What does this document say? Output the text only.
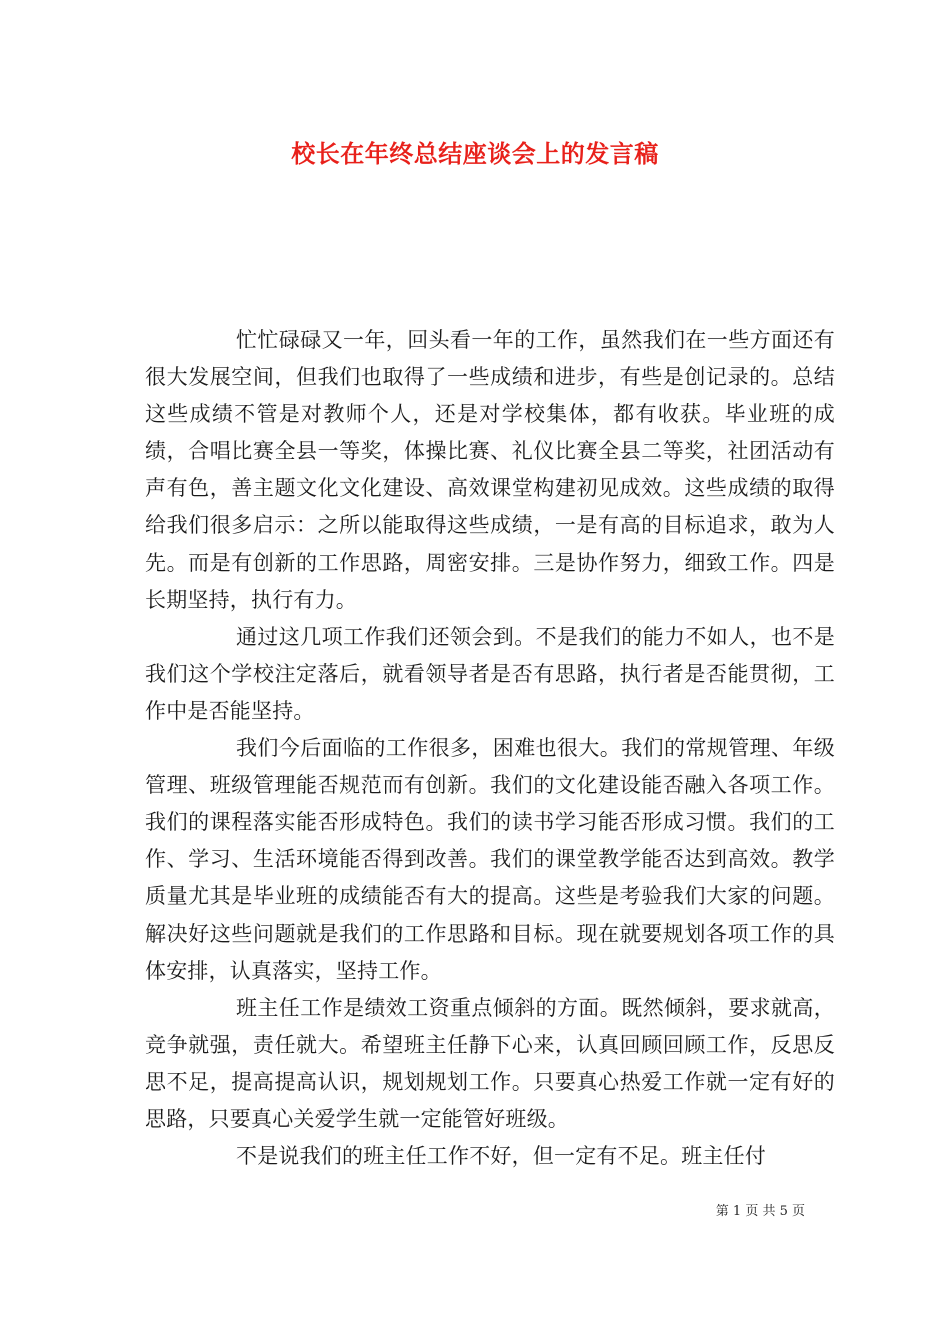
校长在年终总结座谈会上的发言稿

忙忙碌碌又一年，回头看一年的工作，虽然我们在一些方面还有很大发展空间，但我们也取得了一些成绩和进步，有些是创记录的。总结这些成绩不管是对教师个人，还是对学校集体，都有收获。毕业班的成绩，合唱比赛全县一等奖，体操比赛、礼仪比赛全县二等奖，社团活动有声有色，善主题文化文化建设、高效课堂构建初见成效。这些成绩的取得给我们很多启示：之所以能取得这些成绩，一是有高的目标追求，敢为人先。而是有创新的工作思路，周密安排。三是协作努力，细致工作。四是长期坚持，执行有力。

通过这几项工作我们还领会到。不是我们的能力不如人，也不是我们这个学校注定落后，就看领导者是否有思路，执行者是否能贯彻，工作中是否能坚持。

我们今后面临的工作很多，困难也很大。我们的常规管理、年级管理、班级管理能否规范而有创新。我们的文化建设能否融入各项工作。我们的课程落实能否形成特色。我们的读书学习能否形成习惯。我们的工作、学习、生活环境能否得到改善。我们的课堂教学能否达到高效。教学质量尤其是毕业班的成绩能否有大的提高。这些是考验我们大家的问题。解决好这些问题就是我们的工作思路和目标。现在就要规划各项工作的具体安排，认真落实，坚持工作。

班主任工作是绩效工资重点倾斜的方面。既然倾斜，要求就高，竞争就强，责任就大。希望班主任静下心来，认真回顾回顾工作，反思反思不足，提高提高认识，规划规划工作。只要真心热爱工作就一定有好的思路，只要真心关爱学生就一定能管好班级。

不是说我们的班主任工作不好，但一定有不足。班主任付

第 1 页 共 5 页
